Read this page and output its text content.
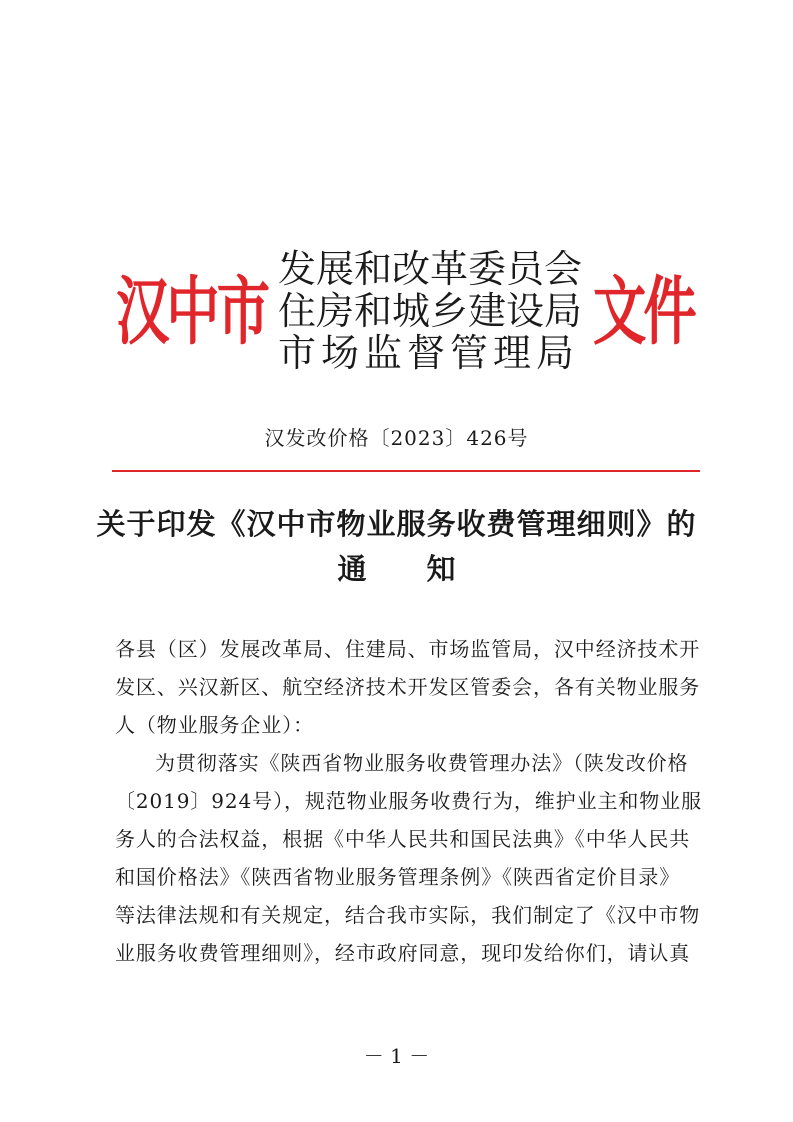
汉中市 发展和改革委员会
住房和城乡建设局
市场监督管理局 文件
汉发改价格〔2023〕426号
关于印发《汉中市物业服务收费管理细则》的
通 知

各县（区）发展改革局、住建局、市场监管局，汉中经济技术开
发区、兴汉新区、航空经济技术开发区管委会，各有关物业服务
人（物业服务企业）：

为贯彻落实《陕西省物业服务收费管理办法》（陕发改价格
〔2019〕924号），规范物业服务收费行为，维护业主和物业服
务人的合法权益，根据《中华人民共和国民法典》《中华人民共
和国价格法》《陕西省物业服务管理条例》《陕西省定价目录》
等法律法规和有关规定，结合我市实际，我们制定了《汉中市物
业服务收费管理细则》，经市政府同意，现印发给你们，请认真

－ 1 －
